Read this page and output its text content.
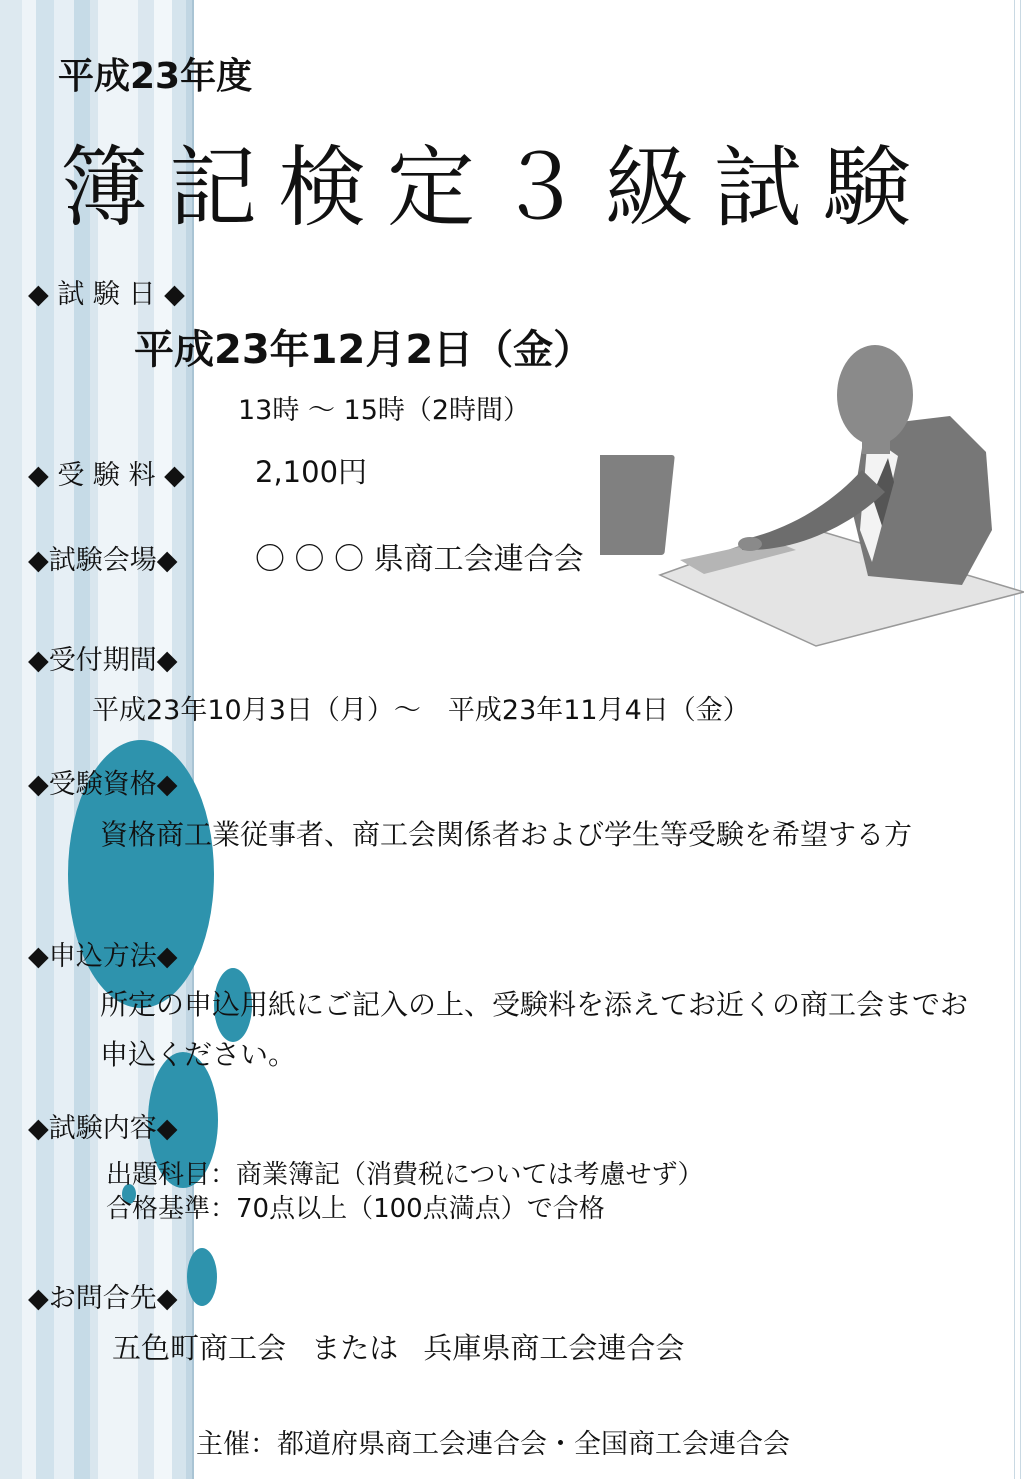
平成23年度
簿記検定３級試験
◆ 試 験 日 ◆
平成23年12月2日（金）
13時 〜 15時（2時間）
◆ 受 験 料 ◆ 2,100円
◆試験会場◆	〇 〇 〇 県商工会連合会
◆受付期間◆
平成23年10月3日（月）〜　平成23年11月4日（金）
◆受験資格◆
資格商工業従事者、商工会関係者および学生等受験を希望する方
◆申込方法◆
所定の申込用紙にご記入の上、受験料を添えてお近くの商工会までお申込ください。
◆試験内容◆
出題科目：商業簿記（消費税については考慮せず）
合格基準：70点以上（100点満点）で合格
◆お問合先◆
五色町商工会 または 兵庫県商工会連合会
主催：都道府県商工会連合会・全国商工会連合会
